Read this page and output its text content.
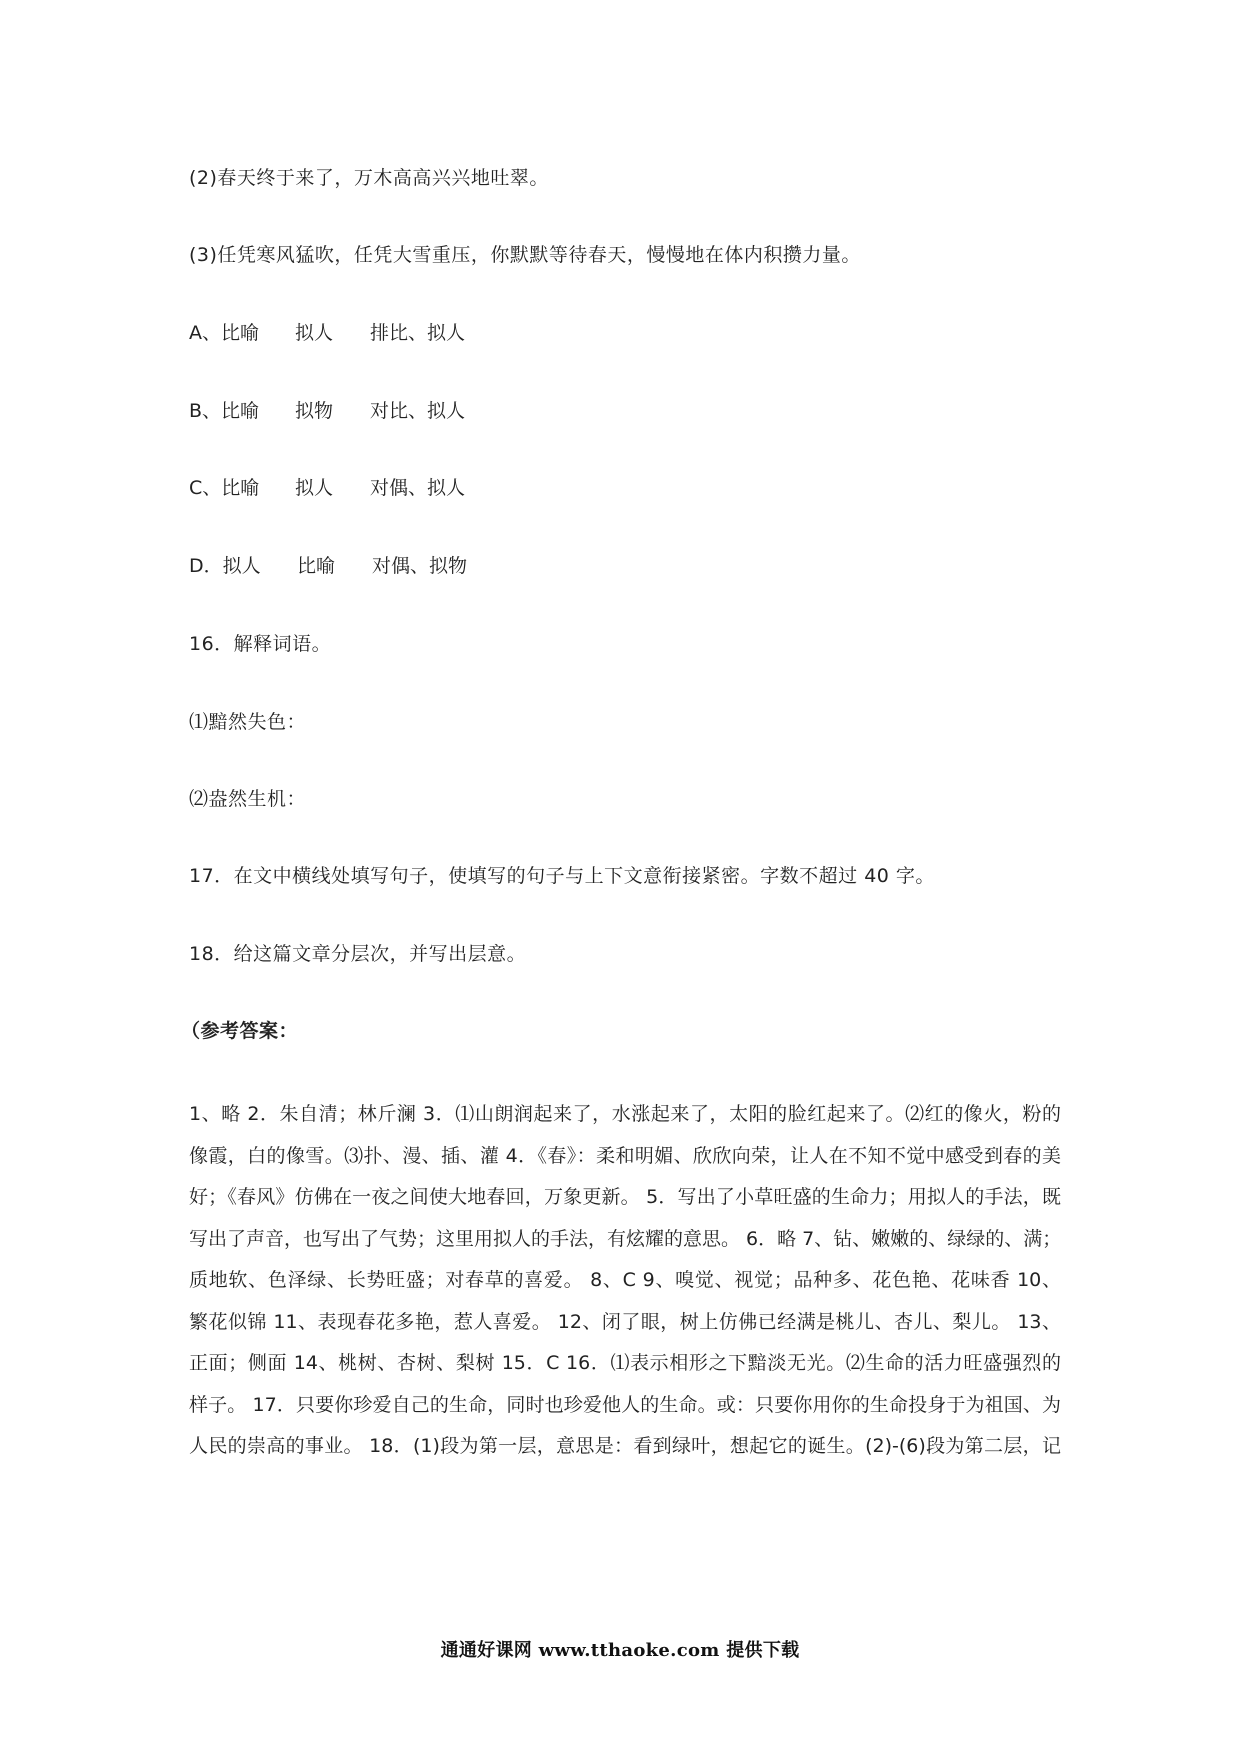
(2)春天终于来了，万木高高兴兴地吐翠。
(3)任凭寒风猛吹，任凭大雪重压，你默默等待春天，慢慢地在体内积攒力量。
A、比喻 拟人 排比、拟人
B、比喻 拟物 对比、拟人
C、比喻 拟人 对偶、拟人
D．拟人 比喻 对偶、拟物
16．解释词语。
⑴黯然失色：
⑵盎然生机：
17．在文中横线处填写句子，使填写的句子与上下文意衔接紧密。字数不超过 40 字。
18．给这篇文章分层次，并写出层意。
（参考答案：
1、略 2．朱自清；林斤澜 3．⑴山朗润起来了，水涨起来了，太阳的脸红起来了。⑵红的像火，粉的
像霞，白的像雪。⑶扑、漫、插、灌 4．《春》：柔和明媚、欣欣向荣，让人在不知不觉中感受到春的美
好；《春风》仿佛在一夜之间使大地春回，万象更新。 5．写出了小草旺盛的生命力；用拟人的手法，既
写出了声音，也写出了气势；这里用拟人的手法，有炫耀的意思。 6．略 7、钻、嫩嫩的、绿绿的、满；
质地软、色泽绿、长势旺盛；对春草的喜爱。 8、C 9、嗅觉、视觉；品种多、花色艳、花味香 10、
繁花似锦 11、表现春花多艳，惹人喜爱。 12、闭了眼，树上仿佛已经满是桃儿、杏儿、梨儿。 13、
正面；侧面 14、桃树、杏树、梨树 15．C 16．⑴表示相形之下黯淡无光。⑵生命的活力旺盛强烈的
样子。 17．只要你珍爱自己的生命，同时也珍爱他人的生命。或：只要你用你的生命投身于为祖国、为
人民的崇高的事业。 18．(1)段为第一层，意思是：看到绿叶，想起它的诞生。(2)-(6)段为第二层，记
通通好课网 www.tthaoke.com 提供下载
